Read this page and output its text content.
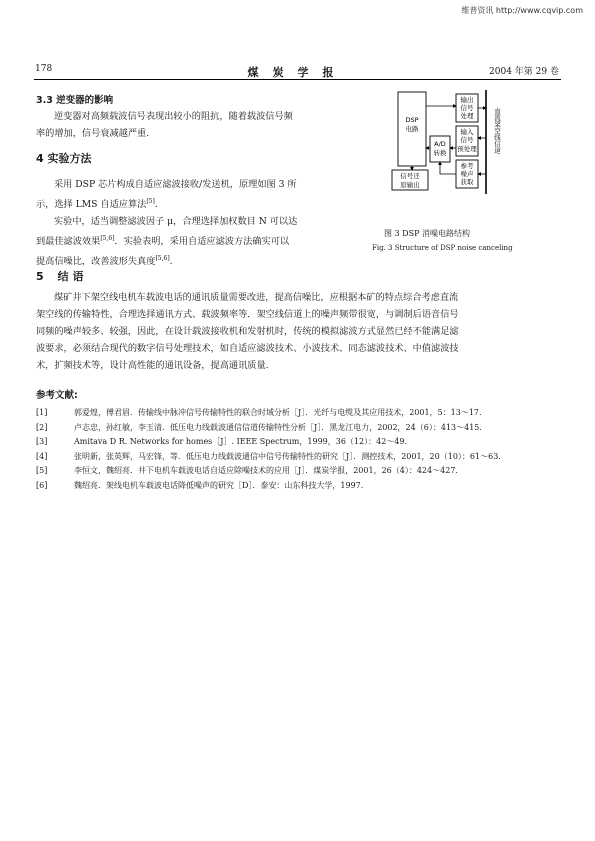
维普资讯 http://www.cqvip.com
178	煤炭学报	2004 年第 29 卷
3.3 逆变器的影响
逆变器对高频载波信号表现出较小的阻抗，随着载波信号频
率的增加，信号衰减越严重.
4 实验方法
采用 DSP 芯片构成自适应滤波接收/发送机，原理如图 3 所
示，选择 LMS 自适应算法[5].
实验中，适当调整滤波因子 μ，合理选择加权数目 N 可以达
到最佳滤波效果[5,6]．实验表明，采用自适应滤波方法确实可以
提高信噪比，改善波形失真度[5,6].
DSP
电路
输出
信号
处理
输入
信号
预处理
A/D
转换
参考
噪声
获取
信号还
原输出
直流架空线信道
图 3 DSP 消噪电路结构
Fig. 3 Structure of DSP noise canceling
5结 语
煤矿井下架空线电机车载波电话的通讯质量需要改进，提高信噪比，应根据本矿的特点综合考虑直流
架空线的传输特性，合理选择通讯方式、载波频率等．架空线信道上的噪声频带很宽，与调制后语音信号
同频的噪声较多、较强，因此，在设计载波接收机和发射机时，传统的模拟滤波方式显然已经不能满足滤
波要求，必须结合现代的数字信号处理技术，如自适应滤波技术、小波技术、同态滤波技术、中值滤波技
术，扩频技术等，设计高性能的通讯设备，提高通讯质量.
参考文献:
[1]	郭爱煌，傅君眉．传输线中脉冲信号传输特性的联合时域分析［J］．光纤与电缆及其应用技术，2001，5：13～17.
[2]	卢志忠，孙红敏，李玉清．低压电力线载波通信信道传输特性分析［J］．黑龙江电力，2002，24（6）：413～415.
[3]	Amitava D R. Networks for homes［J］. IEEE Spectrum，1999，36（12）：42～49.
[4]	张明新，张英辉，马宏锋，等．低压电力线载波通信中信号传输特性的研究［J］．测控技术，2001，20（10）：61～63.
[5]	李恒文，魏绍亮．井下电机车载波电话自适应除噪技术的应用［J］．煤炭学报，2001，26（4）：424～427.
[6]	魏绍亮．架线电机车载波电话降低噪声的研究［D］．泰安：山东科技大学，1997.
